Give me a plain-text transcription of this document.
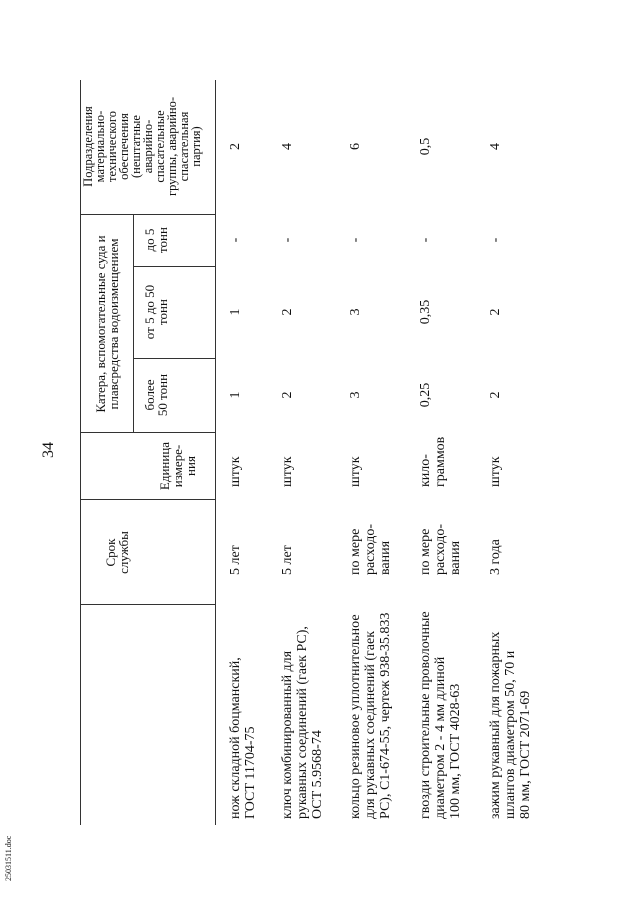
34
25031511.doc
Срок
службы
Единица
измере-
ния
Катера, вспомогательные суда и
плавсредства водоизмещением
более
50 тонн
от 5 до 50
тонн
до 5
тонн
Подразделения
материально-
технического
обеспечения
(нештатные
аварийно-
спасательные
группы, аварийно-
спасательная
партия)
нож складной боцманский,
ГОСТ 11704-75
5 лет
штук
1
1
-
2
ключ комбинированный для
рукавных соединений (гаек РС),
ОСТ 5.9568-74
5 лет
штук
2
2
-
4
кольцо резиновое уплотнительное
для рукавных соединений (гаек
РС), С1-674-55, чертеж 938-35.833
по мере
расходо-
вания
штук
3
3
-
6
гвозди строительные проволочные
диаметром 2 - 4 мм длиной
100 мм, ГОСТ 4028-63
по мере
расходо-
вания
кило-
граммов
0,25
0,35
-
0,5
зажим рукавный для пожарных
шлангов диаметром 50, 70 и
80 мм, ГОСТ 2071-69
3 года
штук
2
2
-
4
